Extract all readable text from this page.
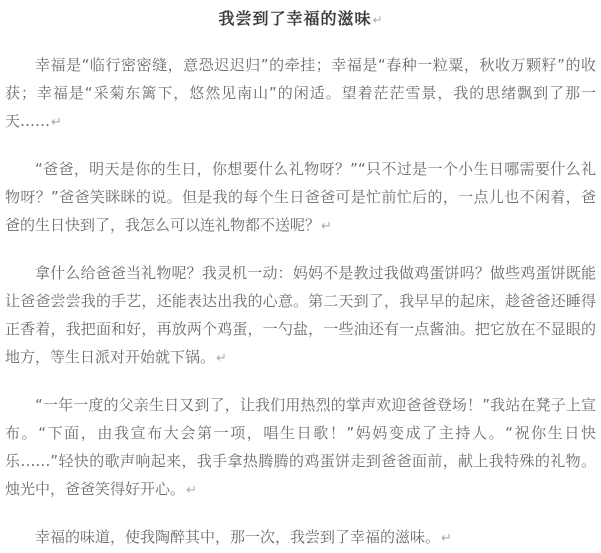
我尝到了幸福的滋味↵

幸福是“临行密密缝，意恐迟迟归”的牵挂；幸福是“春种一粒粟，秋收万颗籽”的收获；幸福是“采菊东篱下，悠然见南山”的闲适。望着茫茫雪景，我的思绪飘到了那一天……↵

“爸爸，明天是你的生日，你想要什么礼物呀？”“只不过是一个小生日哪需要什么礼物呀？”爸爸笑眯眯的说。但是我的每个生日爸爸可是忙前忙后的，一点儿也不闲着，爸爸的生日快到了，我怎么可以连礼物都不送呢？↵

拿什么给爸爸当礼物呢？我灵机一动：妈妈不是教过我做鸡蛋饼吗？做些鸡蛋饼既能让爸爸尝尝我的手艺，还能表达出我的心意。第二天到了，我早早的起床，趁爸爸还睡得正香着，我把面和好，再放两个鸡蛋，一勺盐，一些油还有一点酱油。把它放在不显眼的地方，等生日派对开始就下锅。↵

“一年一度的父亲生日又到了，让我们用热烈的掌声欢迎爸爸登场！”我站在凳子上宣布。“下面，由我宣布大会第一项，唱生日歌！”妈妈变成了主持人。“祝你生日快乐……”轻快的歌声响起来，我手拿热腾腾的鸡蛋饼走到爸爸面前，献上我特殊的礼物。烛光中，爸爸笑得好开心。↵

幸福的味道，使我陶醉其中，那一次，我尝到了幸福的滋味。↵
